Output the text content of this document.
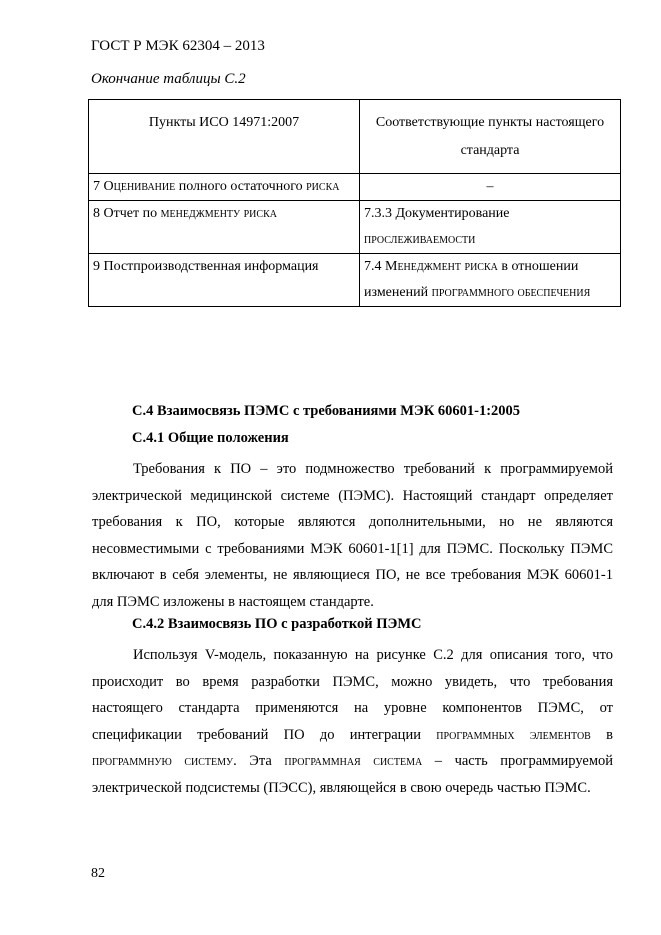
ГОСТ Р МЭК 62304 – 2013
Окончание таблицы С.2
Пункты ИСО 14971:2007	Соответствующие пункты настоящего стандарта
7 Оценивание полного остаточного риска	–
8 Отчет по менеджменту риска	7.3.3 Документирование прослеживаемости
9 Постпроизводственная информация	7.4 Менеджмент риска в отношении изменений программного обеспечения
С.4 Взаимосвязь ПЭМС с требованиями МЭК 60601-1:2005
С.4.1 Общие положения
Требования к ПО – это подмножество требований к программируемой электрической медицинской системе (ПЭМС). Настоящий стандарт определяет требования к ПО, которые являются дополнительными, но не являются несовместимыми с требованиями МЭК 60601-1[1] для ПЭМС. Поскольку ПЭМС включают в себя элементы, не являющиеся ПО, не все требования МЭК 60601-1 для ПЭМС изложены в настоящем стандарте.
С.4.2 Взаимосвязь ПО с разработкой ПЭМС
Используя V-модель, показанную на рисунке С.2 для описания того, что происходит во время разработки ПЭМС, можно увидеть, что требования настоящего стандарта применяются на уровне компонентов ПЭМС, от спецификации требований ПО до интеграции программных элементов в программную систему. Эта программная система – часть программируемой электрической подсистемы (ПЭСС), являющейся в свою очередь частью ПЭМС.
82
